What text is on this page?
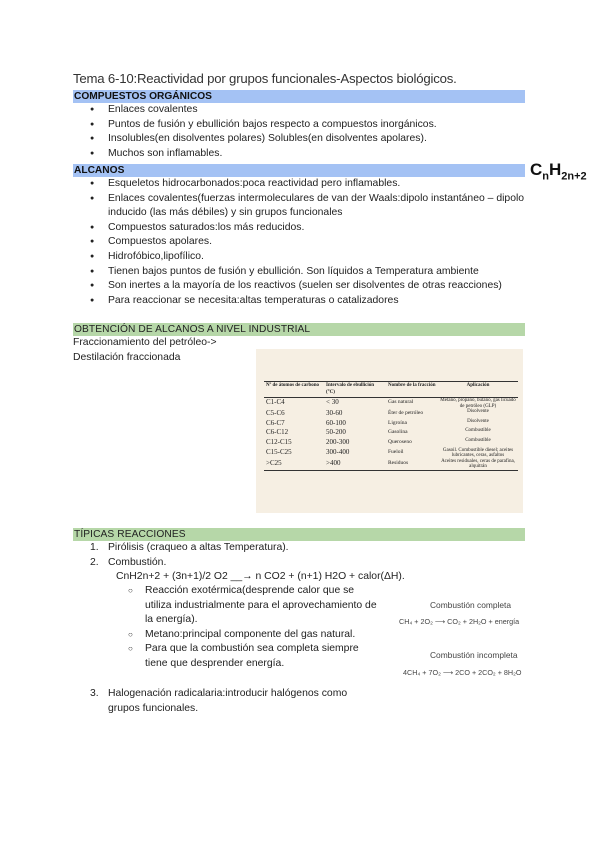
Tema 6-10:Reactividad por grupos funcionales-Aspectos biológicos.
COMPUESTOS ORGÁNICOS
● Enlaces covalentes
● Puntos de fusión y ebullición bajos respecto a compuestos inorgánicos.
● Insolubles(en disolventes polares) Solubles(en disolventes apolares).
● Muchos son inflamables.
ALCANOS	$C_nH_{2n+2}$
● Esqueletos hidrocarbonados:poca reactividad pero inflamables.
● Enlaces covalentes(fuerzas intermoleculares de van der Waals:dipolo instantáneo – dipolo inducido (las más débiles) y sin grupos funcionales
● Compuestos saturados:los más reducidos.
● Compuestos apolares.
● Hidrofóbico,lipofílico.
● Tienen bajos puntos de fusión y ebullición. Son líquidos a Temperatura ambiente
● Son inertes a la mayoría de los reactivos (suelen ser disolventes de otras reacciones)
● Para reaccionar se necesita:altas temperaturas o catalizadores
OBTENCIÓN DE ALCANOS A NIVEL INDUSTRIAL
Fraccionamiento del petróleo->
Destilación fraccionada
Nº de átomos de carbono	Intervalo de ebullición (°C)	Nombre de la fracción	Aplicación
C1-C4	< 30	Gas natural	Metano, propano, butano, gas licuado de petróleo (GLP)
C5-C6	30-60	Éter de petróleo	Disolvente
C6-C7	60-100	Ligroína	Disolvente
C6-C12	50-200	Gasolina	Combustible
C12-C15	200-300	Queroseno	Combustible
C15-C25	300-400	Fueloil	Gasoil. Combustible diesel; aceites lubricantes, ceras, asfaltos
>C25	>400	Residuos	Aceites residuales, ceras de parafina, alquitrán
TÍPICAS REACCIONES
1. Pirólisis (craqueo a altas Temperatura).
2. Combustión.
CnH2n+2 + (3n+1)/2 O2 __→ n CO2 + (n+1) H2O + calor(ΔH).
○ Reacción exotérmica(desprende calor que se utiliza industrialmente para el aprovechamiento de la energía).
○ Metano:principal componente del gas natural.
○ Para que la combustión sea completa siempre tiene que desprender energía.
3. Halogenación radicalaria:introducir halógenos como grupos funcionales.
Combustión completa
CH₄ + 2O₂ ⟶ CO₂ + 2H₂O + energía
Combustión incompleta
4CH₄ + 7O₂ ⟶ 2CO + 2CO₂ + 8H₂O
